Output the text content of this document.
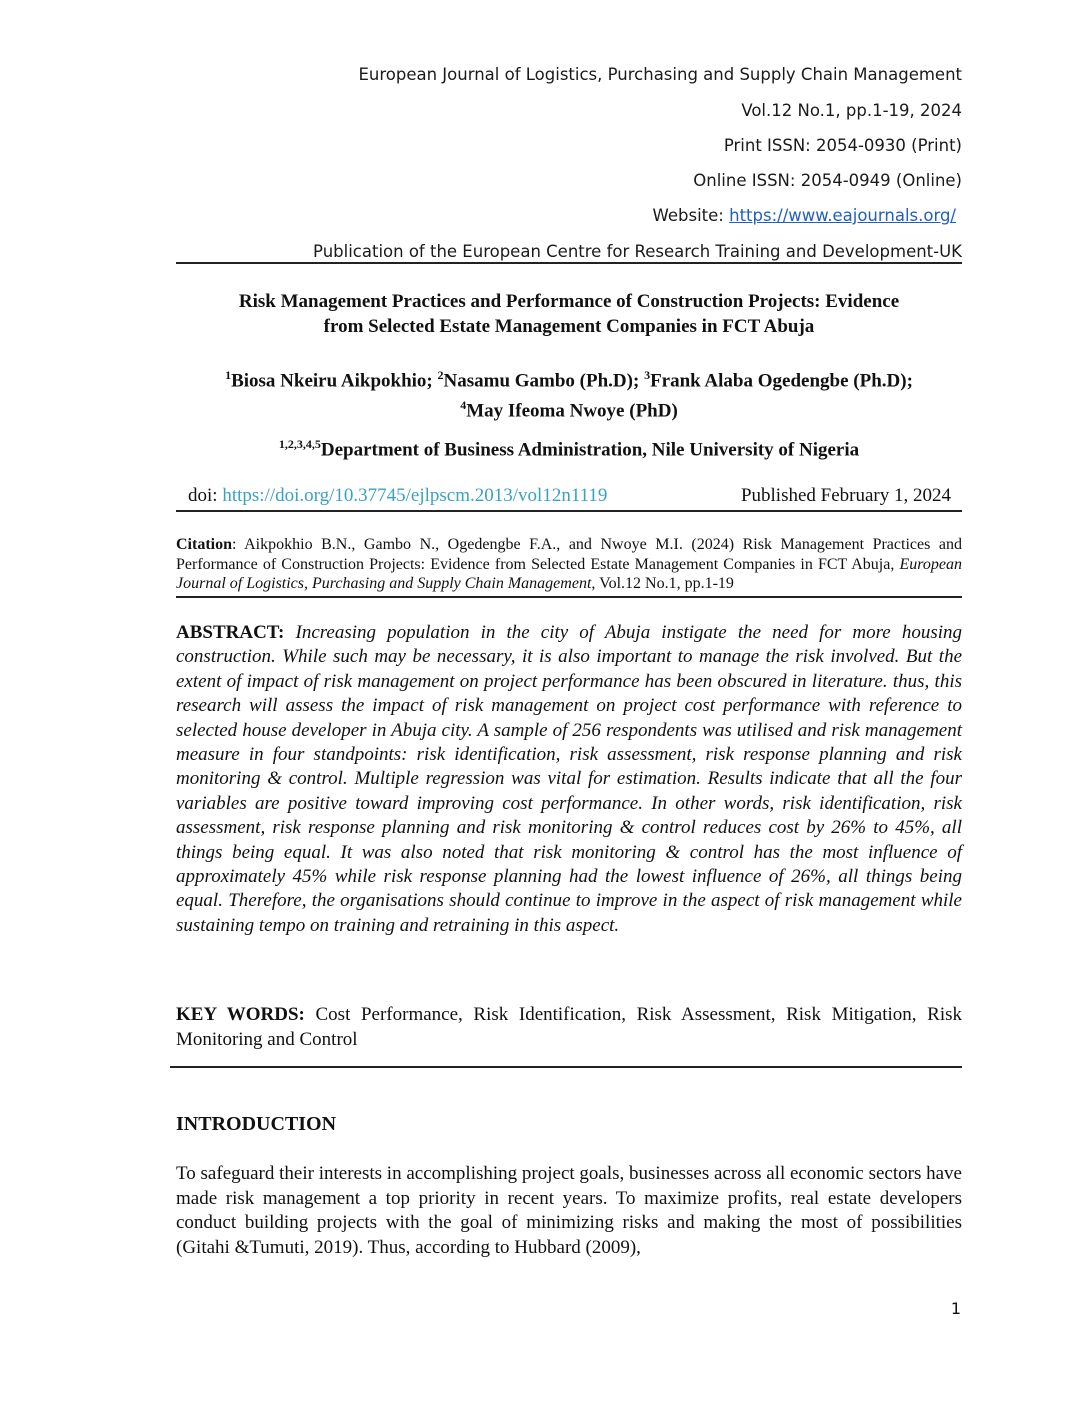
European Journal of Logistics, Purchasing and Supply Chain Management
Vol.12 No.1, pp.1-19, 2024
Print ISSN: 2054-0930 (Print)
Online ISSN: 2054-0949 (Online)
Website: https://www.eajournals.org/
Publication of the European Centre for Research Training and Development-UK
Risk Management Practices and Performance of Construction Projects: Evidence
from Selected Estate Management Companies in FCT Abuja
$^1$Biosa Nkeiru Aikpokhio; $^2$Nasamu Gambo (Ph.D); $^3$Frank Alaba Ogedengbe (Ph.D);
$^4$May Ifeoma Nwoye (PhD)
$^{1,2,3,4,5}$Department of Business Administration, Nile University of Nigeria
doi: https://doi.org/10.37745/ejlpscm.2013/vol12n1119	Published February 1, 2024
Citation: Aikpokhio B.N., Gambo N., Ogedengbe F.A., and Nwoye M.I. (2024) Risk Management Practices and Performance of Construction Projects: Evidence from Selected Estate Management Companies in FCT Abuja, European Journal of Logistics, Purchasing and Supply Chain Management, Vol.12 No.1, pp.1-19
ABSTRACT: Increasing population in the city of Abuja instigate the need for more housing construction. While such may be necessary, it is also important to manage the risk involved. But the extent of impact of risk management on project performance has been obscured in literature. thus, this research will assess the impact of risk management on project cost performance with reference to selected house developer in Abuja city. A sample of 256 respondents was utilised and risk management measure in four standpoints: risk identification, risk assessment, risk response planning and risk monitoring & control. Multiple regression was vital for estimation. Results indicate that all the four variables are positive toward improving cost performance. In other words, risk identification, risk assessment, risk response planning and risk monitoring & control reduces cost by 26% to 45%, all things being equal. It was also noted that risk monitoring & control has the most influence of approximately 45% while risk response planning had the lowest influence of 26%, all things being equal. Therefore, the organisations should continue to improve in the aspect of risk management while sustaining tempo on training and retraining in this aspect.
KEY WORDS: Cost Performance, Risk Identification, Risk Assessment, Risk Mitigation, Risk Monitoring and Control
INTRODUCTION
To safeguard their interests in accomplishing project goals, businesses across all economic sectors have made risk management a top priority in recent years. To maximize profits, real estate developers conduct building projects with the goal of minimizing risks and making the most of possibilities (Gitahi &Tumuti, 2019). Thus, according to Hubbard (2009),
1
